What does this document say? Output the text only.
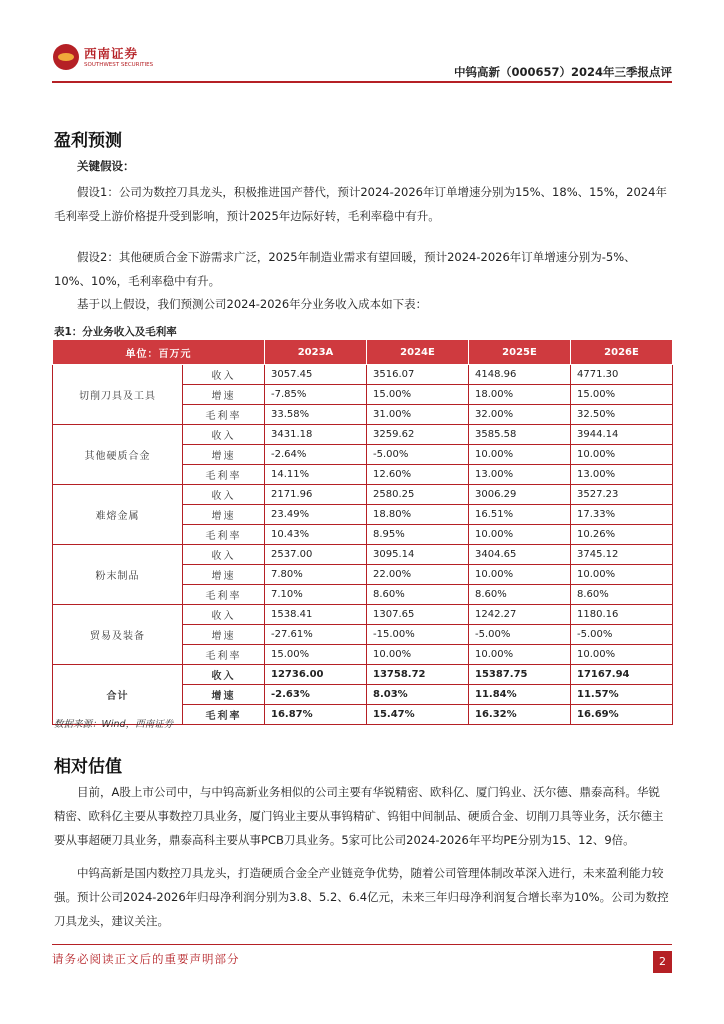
西南证券
SOUTHWEST SECURITIES	中钨高新（000657）2024年三季报点评
盈利预测
关键假设：

假设1：公司为数控刀具龙头，积极推进国产替代，预计2024-2026年订单增速分别为15%、18%、15%，2024年毛利率受上游价格提升受到影响，预计2025年边际好转，毛利率稳中有升。

假设2：其他硬质合金下游需求广泛，2025年制造业需求有望回暖，预计2024-2026年订单增速分别为-5%、10%、10%，毛利率稳中有升。

基于以上假设，我们预测公司2024-2026年分业务收入成本如下表：

表1：分业务收入及毛利率
单位：百万元		2023A	2024E	2025E	2026E
切削刀具及工具	收入	3057.45	3516.07	4148.96	4771.30
	增速	-7.85%	15.00%	18.00%	15.00%
	毛利率	33.58%	31.00%	32.00%	32.50%
其他硬质合金	收入	3431.18	3259.62	3585.58	3944.14
	增速	-2.64%	-5.00%	10.00%	10.00%
	毛利率	14.11%	12.60%	13.00%	13.00%
难熔金属	收入	2171.96	2580.25	3006.29	3527.23
	增速	23.49%	18.80%	16.51%	17.33%
	毛利率	10.43%	8.95%	10.00%	10.26%
粉末制品	收入	2537.00	3095.14	3404.65	3745.12
	增速	7.80%	22.00%	10.00%	10.00%
	毛利率	7.10%	8.60%	8.60%	8.60%
贸易及装备	收入	1538.41	1307.65	1242.27	1180.16
	增速	-27.61%	-15.00%	-5.00%	-5.00%
	毛利率	15.00%	10.00%	10.00%	10.00%
合计	收入	12736.00	13758.72	15387.75	17167.94
	增速	-2.63%	8.03%	11.84%	11.57%
	毛利率	16.87%	15.47%	16.32%	16.69%
数据来源：Wind，西南证券
相对估值

目前，A股上市公司中，与中钨高新业务相似的公司主要有华锐精密、欧科亿、厦门钨业、沃尔德、鼎泰高科。华锐精密、欧科亿主要从事数控刀具业务，厦门钨业主要从事钨精矿、钨钼中间制品、硬质合金、切削刀具等业务，沃尔德主要从事超硬刀具业务，鼎泰高科主要从事PCB刀具业务。5家可比公司2024-2026年平均PE分别为15、12、9倍。

中钨高新是国内数控刀具龙头，打造硬质合金全产业链竞争优势，随着公司管理体制改革深入进行，未来盈利能力较强。预计公司2024-2026年归母净利润分别为3.8、5.2、6.4亿元，未来三年归母净利润复合增长率为10%。公司为数控刀具龙头，建议关注。

请务必阅读正文后的重要声明部分	2
